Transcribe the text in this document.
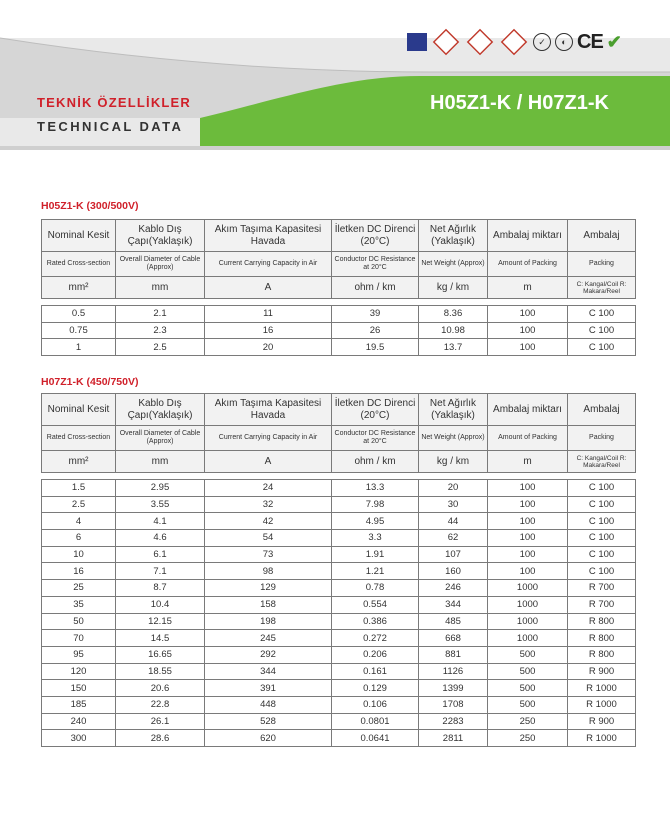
✓	◐ CE ✔
TEKNİK ÖZELLİKLER
TECHNICAL DATA
H05Z1-K / H07Z1-K
H05Z1-K (300/500V)
Nominal Kesit	Kablo Dış Çapı(Yaklaşık)	Akım Taşıma Kapasitesi Havada	İletken DC Direnci (20°C)	Net Ağırlık (Yaklaşık)	Ambalaj miktarı	Ambalaj
Rated Cross-section	Overall Diameter of Cable (Approx)	Current Carrying Capacity in Air	Conductor DC Resistance at 20°C	Net Weight (Approx)	Amount of Packing	Packing
mm²	mm	A	ohm / km	kg / km	m	C: Kangal/Coil R: Makara/Reel

0.5	2.1	11	39	8.36	100	C 100
0.75	2.3	16	26	10.98	100	C 100
1	2.5	20	19.5	13.7	100	C 100
H07Z1-K (450/750V)
Nominal Kesit	Kablo Dış Çapı(Yaklaşık)	Akım Taşıma Kapasitesi Havada	İletken DC Direnci (20°C)	Net Ağırlık (Yaklaşık)	Ambalaj miktarı	Ambalaj
Rated Cross-section	Overall Diameter of Cable (Approx)	Current Carrying Capacity in Air	Conductor DC Resistance at 20°C	Net Weight (Approx)	Amount of Packing	Packing
mm²	mm	A	ohm / km	kg / km	m	C: Kangal/Coil R: Makara/Reel

1.5	2.95	24	13.3	20	100	C 100
2.5	3.55	32	7.98	30	100	C 100
4	4.1	42	4.95	44	100	C 100
6	4.6	54	3.3	62	100	C 100
10	6.1	73	1.91	107	100	C 100
16	7.1	98	1.21	160	100	C 100
25	8.7	129	0.78	246	1000	R 700
35	10.4	158	0.554	344	1000	R 700
50	12.15	198	0.386	485	1000	R 800
70	14.5	245	0.272	668	1000	R 800
95	16.65	292	0.206	881	500	R 800
120	18.55	344	0.161	1126	500	R 900
150	20.6	391	0.129	1399	500	R 1000
185	22.8	448	0.106	1708	500	R 1000
240	26.1	528	0.0801	2283	250	R 900
300	28.6	620	0.0641	2811	250	R 1000
